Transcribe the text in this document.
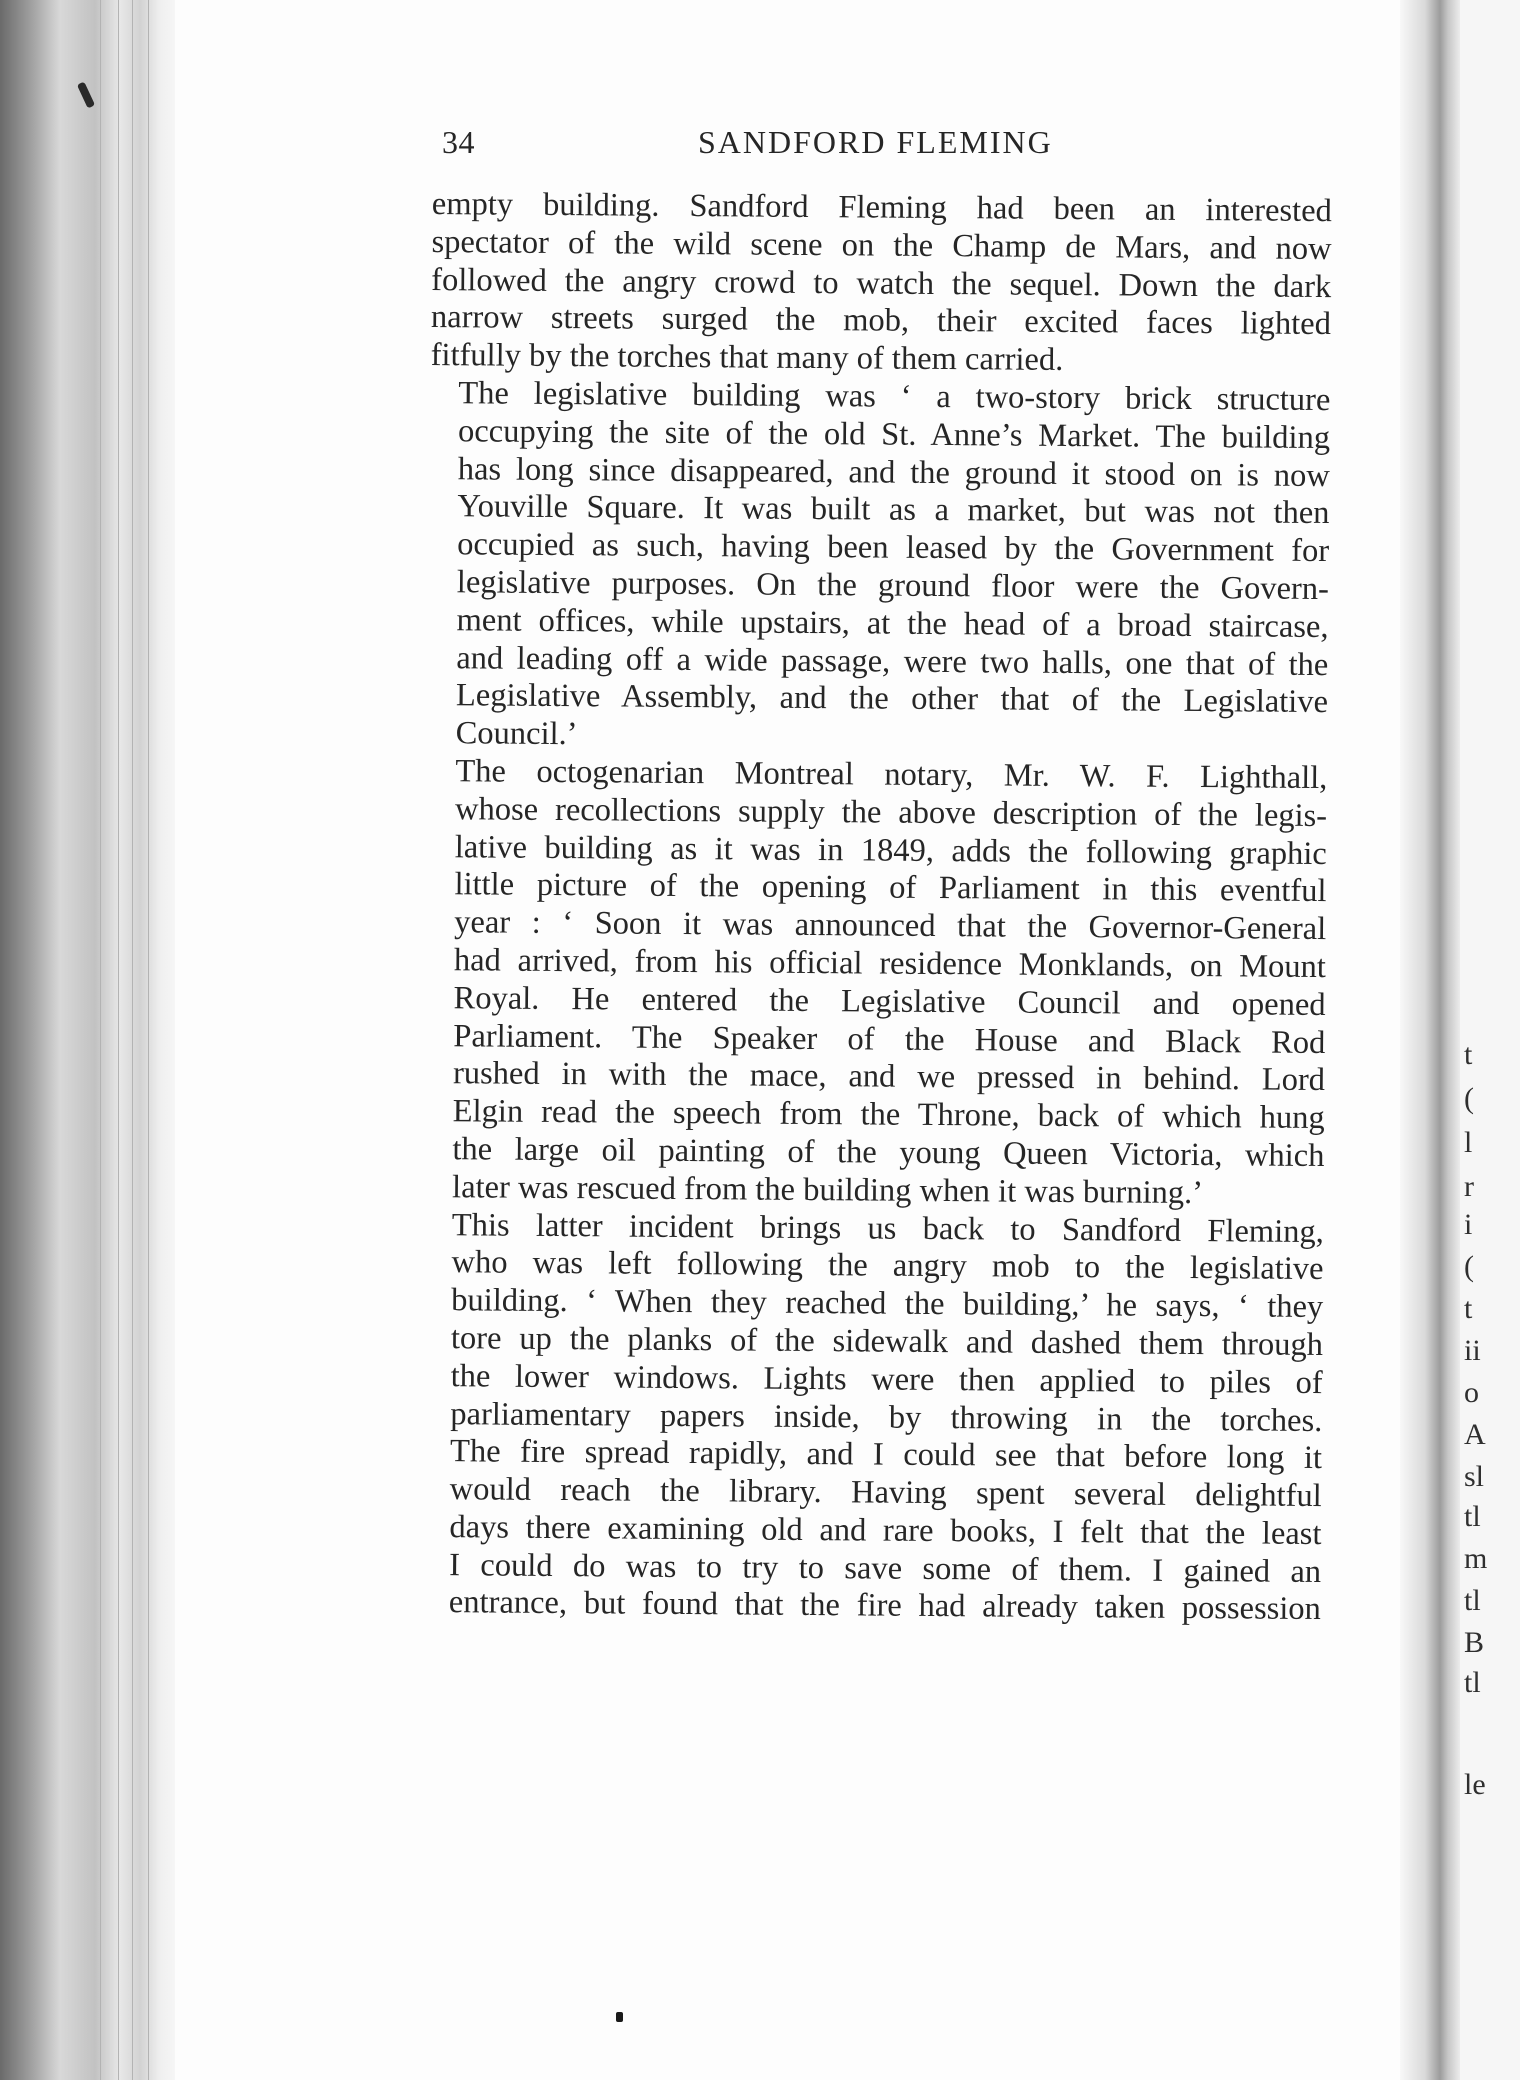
34	SANDFORD FLEMING

empty building. Sandford Fleming had been an interested
spectator of the wild scene on the Champ de Mars, and now
followed the angry crowd to watch the sequel. Down the dark
narrow streets surged the mob, their excited faces lighted
fitfully by the torches that many of them carried.

The legislative building was ‘ a two-story brick structure
occupying the site of the old St. Anne’s Market. The building
has long since disappeared, and the ground it stood on is now
Youville Square. It was built as a market, but was not then
occupied as such, having been leased by the Government for
legislative purposes. On the ground floor were the Govern-
ment offices, while upstairs, at the head of a broad staircase,
and leading off a wide passage, were two halls, one that of the
Legislative Assembly, and the other that of the Legislative
Council.’

The octogenarian Montreal notary, Mr. W. F. Lighthall,
whose recollections supply the above description of the legis-
lative building as it was in 1849, adds the following graphic
little picture of the opening of Parliament in this eventful
year : ‘ Soon it was announced that the Governor-General
had arrived, from his official residence Monklands, on Mount
Royal. He entered the Legislative Council and opened
Parliament. The Speaker of the House and Black Rod
rushed in with the mace, and we pressed in behind. Lord
Elgin read the speech from the Throne, back of which hung
the large oil painting of the young Queen Victoria, which
later was rescued from the building when it was burning.’

This latter incident brings us back to Sandford Fleming,
who was left following the angry mob to the legislative
building. ‘ When they reached the building,’ he says, ‘ they
tore up the planks of the sidewalk and dashed them through
the lower windows. Lights were then applied to piles of
parliamentary papers inside, by throwing in the torches.
The fire spread rapidly, and I could see that before long it
would reach the library. Having spent several delightful
days there examining old and rare books, I felt that the least
I could do was to try to save some of them. I gained an
entrance, but found that the fire had already taken possession

t
(
l
r
i
(
t
ii
o
A
sl
tl
m
tl
B
tl
le
